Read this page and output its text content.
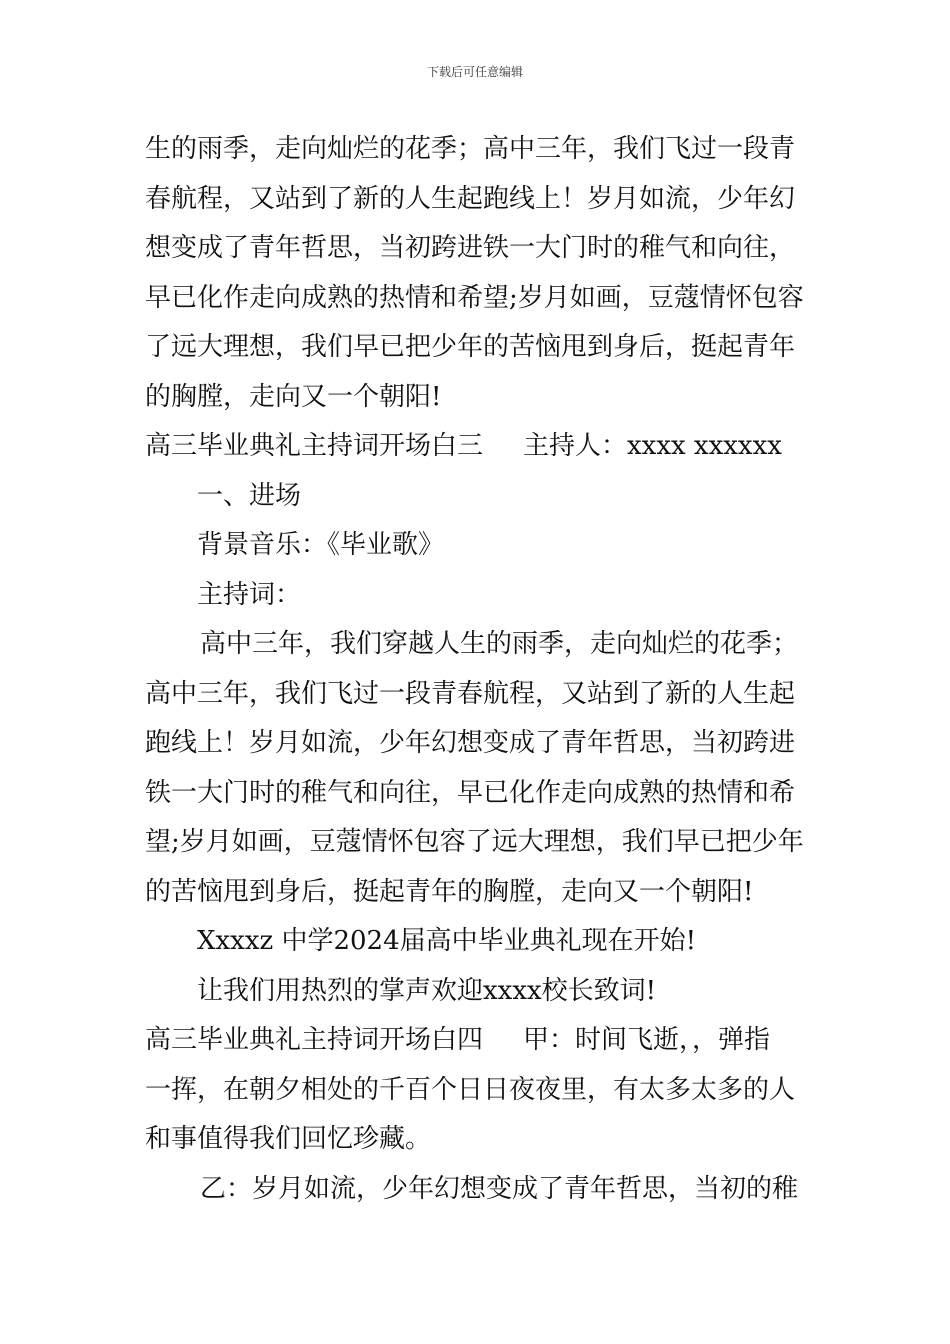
下载后可任意编辑
生的雨季，走向灿烂的花季；高中三年，我们飞过一段青
春航程，又站到了新的人生起跑线上！岁月如流，少年幻
想变成了青年哲思，当初跨进铁一大门时的稚气和向往，
早已化作走向成熟的热情和希望;岁月如画，豆蔻情怀包容
了远大理想，我们早已把少年的苦恼甩到身后，挺起青年
的胸膛，走向又一个朝阳!
高三毕业典礼主持词开场白三 主持人：xxxx xxxxxx
一、进场
背景音乐：《毕业歌》
主持词：
高中三年，我们穿越人生的雨季，走向灿烂的花季；
高中三年，我们飞过一段青春航程，又站到了新的人生起
跑线上！岁月如流，少年幻想变成了青年哲思，当初跨进
铁一大门时的稚气和向往，早已化作走向成熟的热情和希
望;岁月如画，豆蔻情怀包容了远大理想，我们早已把少年
的苦恼甩到身后，挺起青年的胸膛，走向又一个朝阳!
Xxxxz 中学2024届高中毕业典礼现在开始!
让我们用热烈的掌声欢迎xxxx校长致词!
高三毕业典礼主持词开场白四 甲：时间飞逝，，弹指
一挥，在朝夕相处的千百个日日夜夜里，有太多太多的人
和事值得我们回忆珍藏。
乙：岁月如流，少年幻想变成了青年哲思，当初的稚
